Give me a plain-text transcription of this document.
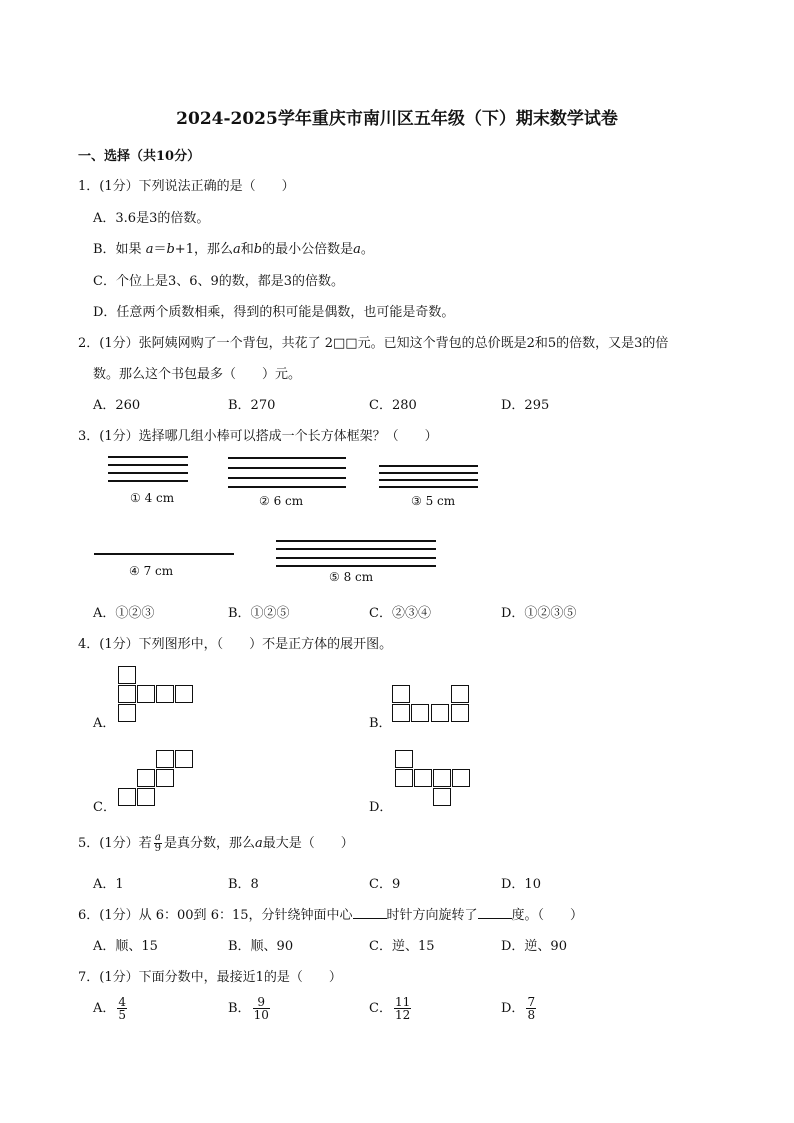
2024-2025学年重庆市南川区五年级（下）期末数学试卷
一、选择（共10分）
1．(1分）下列说法正确的是（　　）
A．3.6是3的倍数。
B．如果 a＝b+1，那么a和b的最小公倍数是a。
C．个位上是3、6、9的数，都是3的倍数。
D．任意两个质数相乘，得到的积可能是偶数，也可能是奇数。
2．(1分）张阿姨网购了一个背包，共花了 2□□元。已知这个背包的总价既是2和5的倍数，又是3的倍
数。那么这个书包最多（　　）元。
A．260	B．270	C．280	D．295
3．(1分）选择哪几组小棒可以搭成一个长方体框架？（　　）
① 4 cm	② 6 cm	③ 5 cm
④ 7 cm	⑤ 8 cm
A．①②③	B．①②⑤	C．②③④	D．①②③⑤
4．(1分）下列图形中，（　　）不是正方体的展开图。
A．	B．
C．	D．
5．(1分）若 $\frac{a}{9}$ 是真分数，那么a最大是（　　）
A．1	B．8	C．9	D．10
6．(1分）从 6：00到 6：15，分针绕钟面中心	时针方向旋转了	度。（　　）
A．顺、15	B．顺、90	C．逆、15	D．逆、90
7．(1分）下面分数中，最接近1的是（　　）
A． $\frac{4}{5}$	B． $\frac{9}{10}$	C． $\frac{11}{12}$	D． $\frac{7}{8}$
